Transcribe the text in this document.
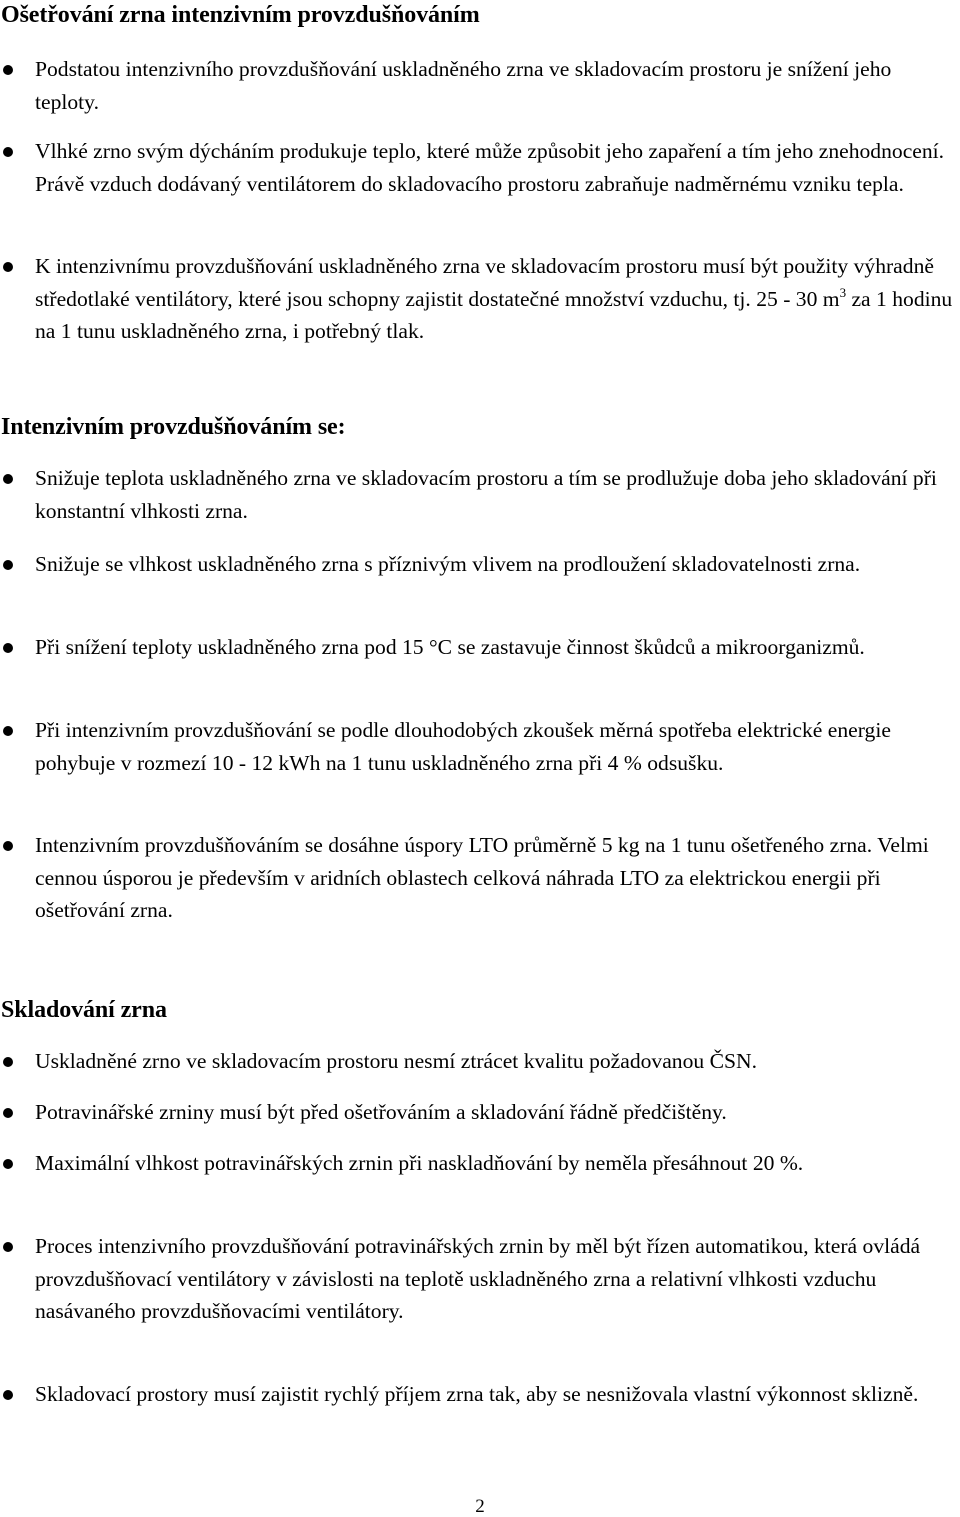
Ošetřování zrna intenzivním provzdušňováním

Podstatou intenzivního provzdušňování uskladněného zrna ve skladovacím prostoru je snížení jeho teploty.

Vlhké zrno svým dýcháním produkuje teplo, které může způsobit jeho zapaření a tím jeho znehodnocení. Právě vzduch dodávaný ventilátorem do skladovacího prostoru zabraňuje nadměrnému vzniku tepla.

K intenzivnímu provzdušňování uskladněného zrna ve skladovacím prostoru musí být použity výhradně středotlaké ventilátory, které jsou schopny zajistit dostatečné množství vzduchu, tj. 25 - 30 $m^3$ za 1 hodinu na 1 tunu uskladněného zrna, i potřebný tlak.

Intenzivním provzdušňováním se:

Snižuje teplota uskladněného zrna ve skladovacím prostoru a tím se prodlužuje doba jeho skladování při konstantní vlhkosti zrna.

Snižuje se vlhkost uskladněného zrna s příznivým vlivem na prodloužení skladovatelnosti zrna.

Při snížení teploty uskladněného zrna pod 15 °C se zastavuje činnost škůdců a mikroorganizmů.

Při intenzivním provzdušňování se podle dlouhodobých zkoušek měrná spotřeba elektrické energie pohybuje v rozmezí 10 - 12 kWh na 1 tunu uskladněného zrna při 4 % odsušku.

Intenzivním provzdušňováním se dosáhne úspory LTO průměrně 5 kg na 1 tunu ošetřeného zrna. Velmi cennou úsporou je především v aridních oblastech celková náhrada LTO za elektrickou energii při ošetřování zrna.

Skladování zrna

Uskladněné zrno ve skladovacím prostoru nesmí ztrácet kvalitu požadovanou ČSN.

Potravinářské zrniny musí být před ošetřováním a skladování řádně předčištěny.

Maximální vlhkost potravinářských zrnin při naskladňování by neměla přesáhnout 20 %.

Proces intenzivního provzdušňování potravinářských zrnin by měl být řízen automatikou, která ovládá provzdušňovací ventilátory v závislosti na teplotě uskladněného zrna a relativní vlhkosti vzduchu nasávaného provzdušňovacími ventilátory.

Skladovací prostory musí zajistit rychlý příjem zrna tak, aby se nesnižovala vlastní výkonnost sklizně.

2
